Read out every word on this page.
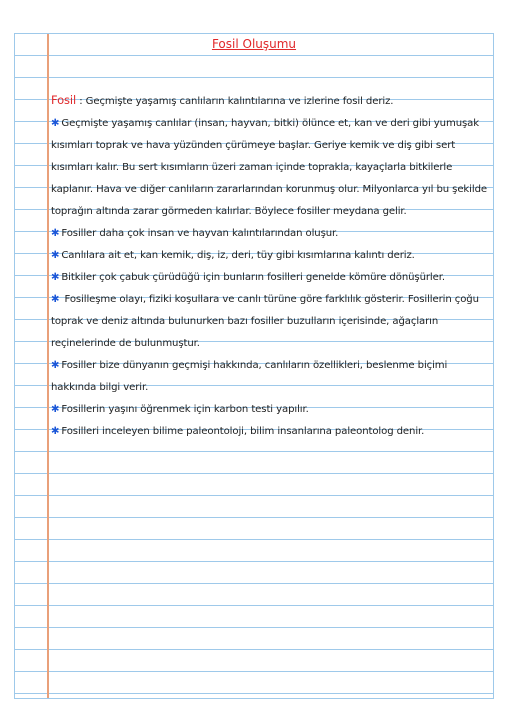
Fosil Oluşumu

Fosil : Geçmişte yaşamış canlıların kalıntılarına ve izlerine fosil deriz.

✱ Geçmişte yaşamış canlılar (insan, hayvan, bitki) ölünce et, kan ve deri gibi yumuşak kısımları toprak ve hava yüzünden çürümeye başlar. Geriye kemik ve diş gibi sert kısımları kalır. Bu sert kısımların üzeri zaman içinde toprakla, kayaçlarla bitkilerle kaplanır. Hava ve diğer canlıların zararlarından korunmuş olur. Milyonlarca yıl bu şekilde toprağın altında zarar görmeden kalırlar. Böylece fosiller meydana gelir.

✱ Fosiller daha çok insan ve hayvan kalıntılarından oluşur.

✱ Canlılara ait et, kan kemik, diş, iz, deri, tüy gibi kısımlarına kalıntı deriz.

✱ Bitkiler çok çabuk çürüdüğü için bunların fosilleri genelde kömüre dönüşürler.

✱ Fosilleşme olayı, fiziki koşullara ve canlı türüne göre farklılık gösterir. Fosillerin çoğu toprak ve deniz altında bulunurken bazı fosiller buzulların içerisinde, ağaçların reçinelerinde de bulunmuştur.

✱ Fosiller bize dünyanın geçmişi hakkında, canlıların özellikleri, beslenme biçimi hakkında bilgi verir.

✱ Fosillerin yaşını öğrenmek için karbon testi yapılır.

✱ Fosilleri inceleyen bilime paleontoloji, bilim insanlarına paleontolog denir.
